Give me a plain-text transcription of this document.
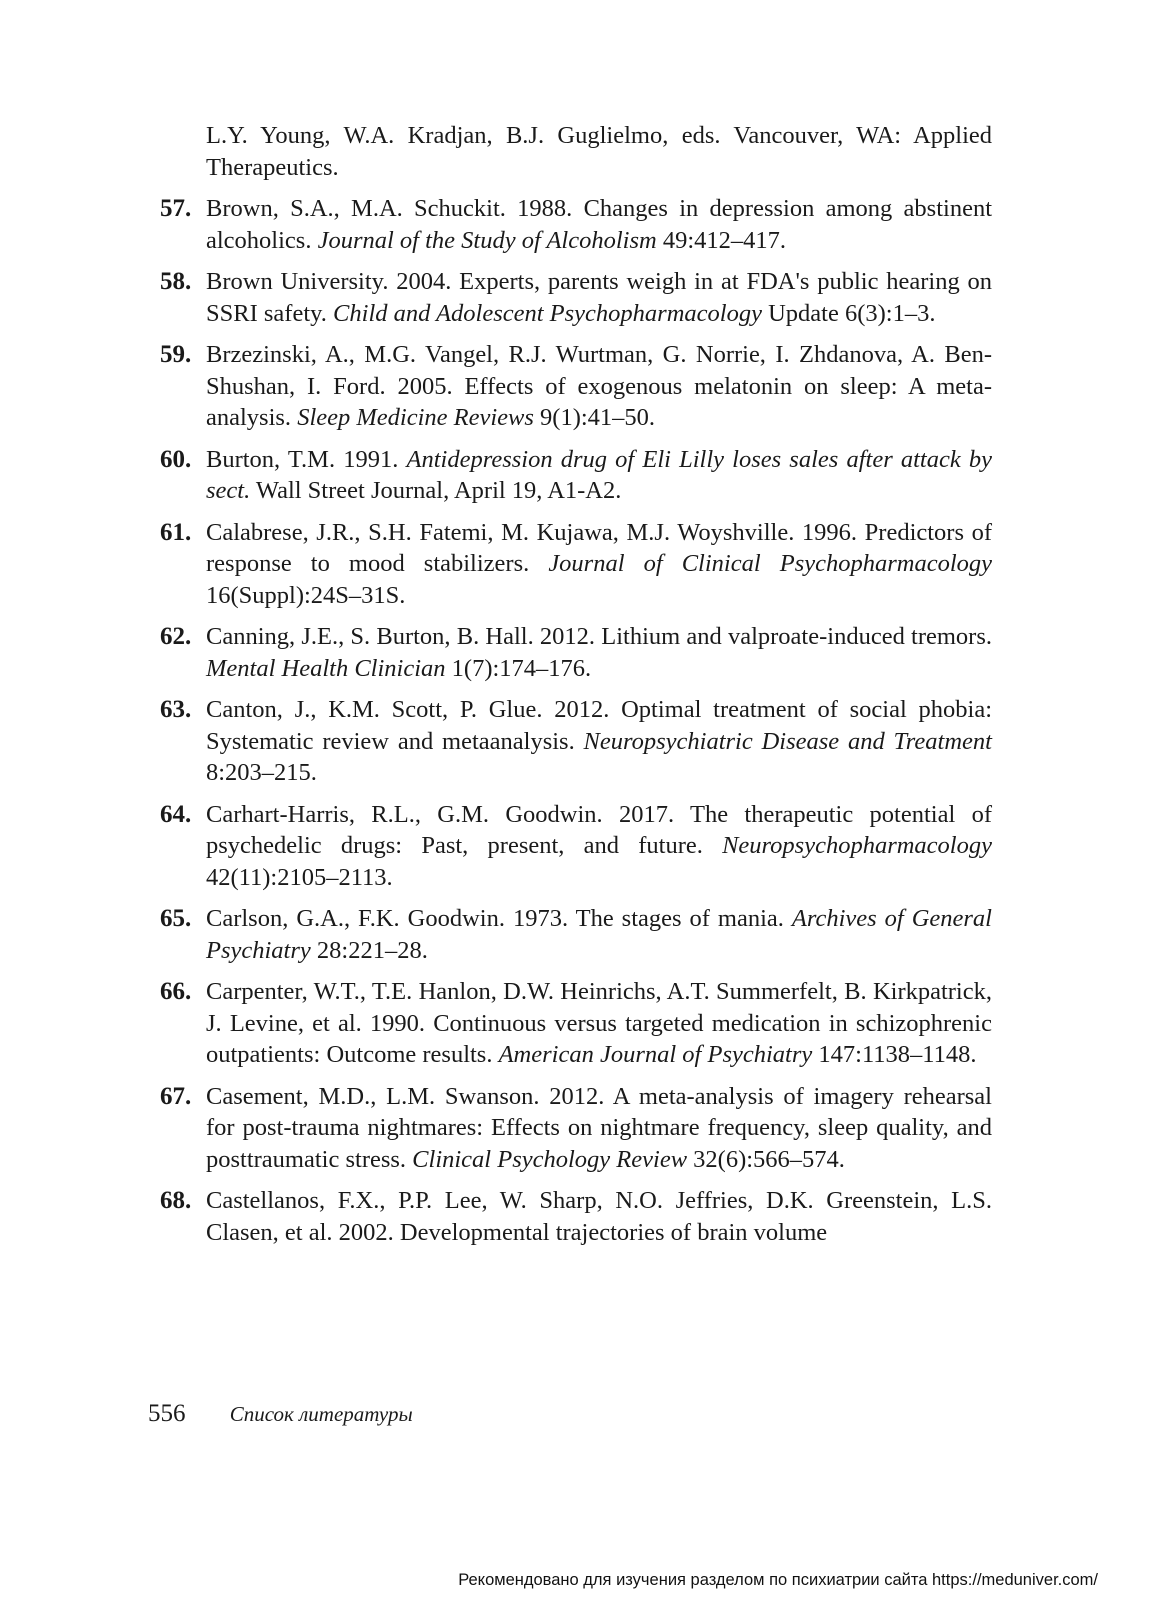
L.Y. Young, W.A. Kradjan, B.J. Guglielmo, eds. Vancouver, WA: Applied Therapeutics.
57. Brown, S.A., M.A. Schuckit. 1988. Changes in depression among abstinent alcoholics. Journal of the Study of Alcoholism 49:412–417.
58. Brown University. 2004. Experts, parents weigh in at FDA's public hearing on SSRI safety. Child and Adolescent Psychopharmacology Update 6(3):1–3.
59. Brzezinski, A., M.G. Vangel, R.J. Wurtman, G. Norrie, I. Zhdanova, A. Ben-Shushan, I. Ford. 2005. Effects of exogenous melatonin on sleep: A meta-analysis. Sleep Medicine Reviews 9(1):41–50.
60. Burton, T.M. 1991. Antidepression drug of Eli Lilly loses sales after attack by sect. Wall Street Journal, April 19, A1-A2.
61. Calabrese, J.R., S.H. Fatemi, M. Kujawa, M.J. Woyshville. 1996. Predictors of response to mood stabilizers. Journal of Clinical Psychopharmacology 16(Suppl):24S–31S.
62. Canning, J.E., S. Burton, B. Hall. 2012. Lithium and valproate-induced tremors. Mental Health Clinician 1(7):174–176.
63. Canton, J., K.M. Scott, P. Glue. 2012. Optimal treatment of social phobia: Systematic review and metaanalysis. Neuropsychiatric Disease and Treatment 8:203–215.
64. Carhart-Harris, R.L., G.M. Goodwin. 2017. The therapeutic potential of psychedelic drugs: Past, present, and future. Neuropsychopharmacology 42(11):2105–2113.
65. Carlson, G.A., F.K. Goodwin. 1973. The stages of mania. Archives of General Psychiatry 28:221–28.
66. Carpenter, W.T., T.E. Hanlon, D.W. Heinrichs, A.T. Summerfelt, B. Kirkpatrick, J. Levine, et al. 1990. Continuous versus targeted medication in schizophrenic outpatients: Outcome results. American Journal of Psychiatry 147:1138–1148.
67. Casement, M.D., L.M. Swanson. 2012. A meta-analysis of imagery rehearsal for post-trauma nightmares: Effects on nightmare frequency, sleep quality, and posttraumatic stress. Clinical Psychology Review 32(6):566–574.
68. Castellanos, F.X., P.P. Lee, W. Sharp, N.O. Jeffries, D.K. Greenstein, L.S. Clasen, et al. 2002. Developmental trajectories of brain volume
556 Список литературы
Рекомендовано для изучения разделом по психиатрии сайта https://meduniver.com/
